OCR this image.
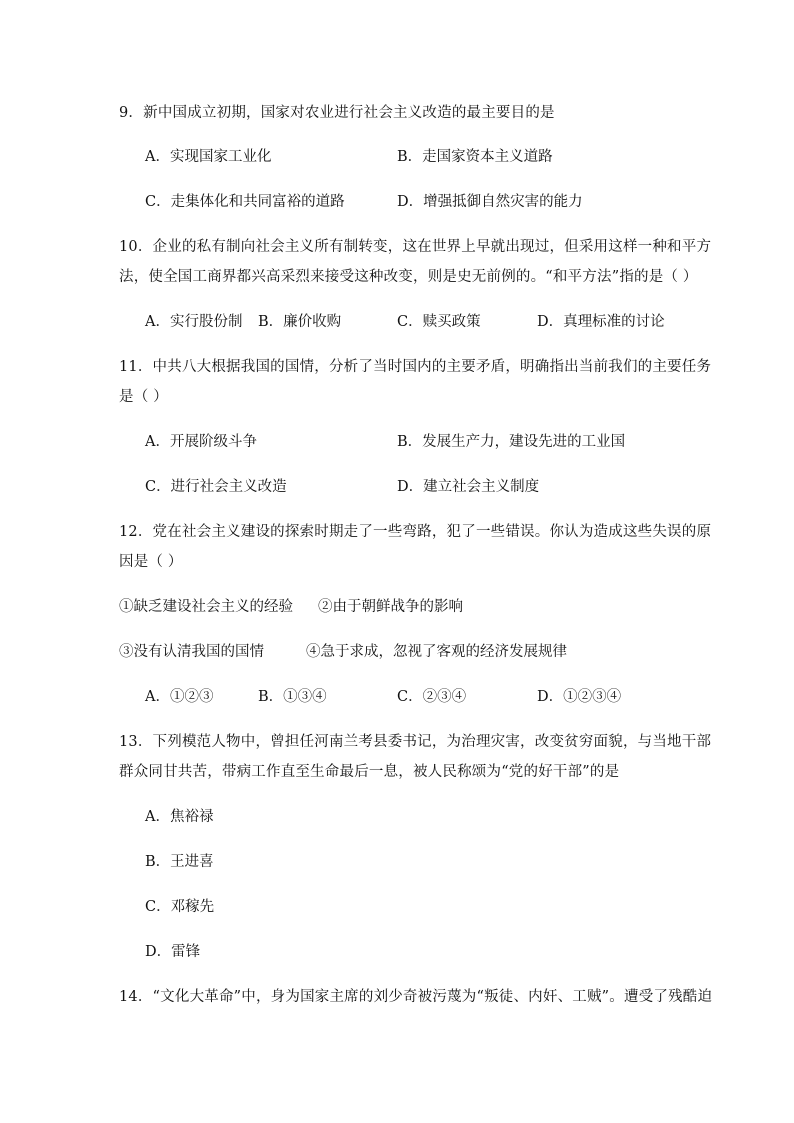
9．新中国成立初期，国家对农业进行社会主义改造的最主要目的是
A．实现国家工业化	B．走国家资本主义道路
C．走集体化和共同富裕的道路	D．增强抵御自然灾害的能力
10．企业的私有制向社会主义所有制转变，这在世界上早就出现过，但采用这样一种和平方
法，使全国工商界都兴高采烈来接受这种改变，则是史无前例的。“和平方法”指的是（ ）
A．实行股份制 B．廉价收购	C．赎买政策	D．真理标准的讨论
11．中共八大根据我国的国情，分析了当时国内的主要矛盾，明确指出当前我们的主要任务
是（ ）
A．开展阶级斗争	B．发展生产力，建设先进的工业国
C．进行社会主义改造	D．建立社会主义制度
12．党在社会主义建设的探索时期走了一些弯路，犯了一些错误。你认为造成这些失误的原
因是（ ）
①缺乏建设社会主义的经验 ②由于朝鲜战争的影响
③没有认清我国的国情	④急于求成，忽视了客观的经济发展规律
A．①②③	B．①③④	C．②③④	D．①②③④
13．下列模范人物中，曾担任河南兰考县委书记，为治理灾害，改变贫穷面貌，与当地干部
群众同甘共苦，带病工作直至生命最后一息，被人民称颂为“党的好干部”的是
A．焦裕禄
B．王进喜
C．邓稼先
D．雷锋
14．“文化大革命”中，身为国家主席的刘少奇被污蔑为“叛徒、内奸、工贼”。遭受了残酷迫
